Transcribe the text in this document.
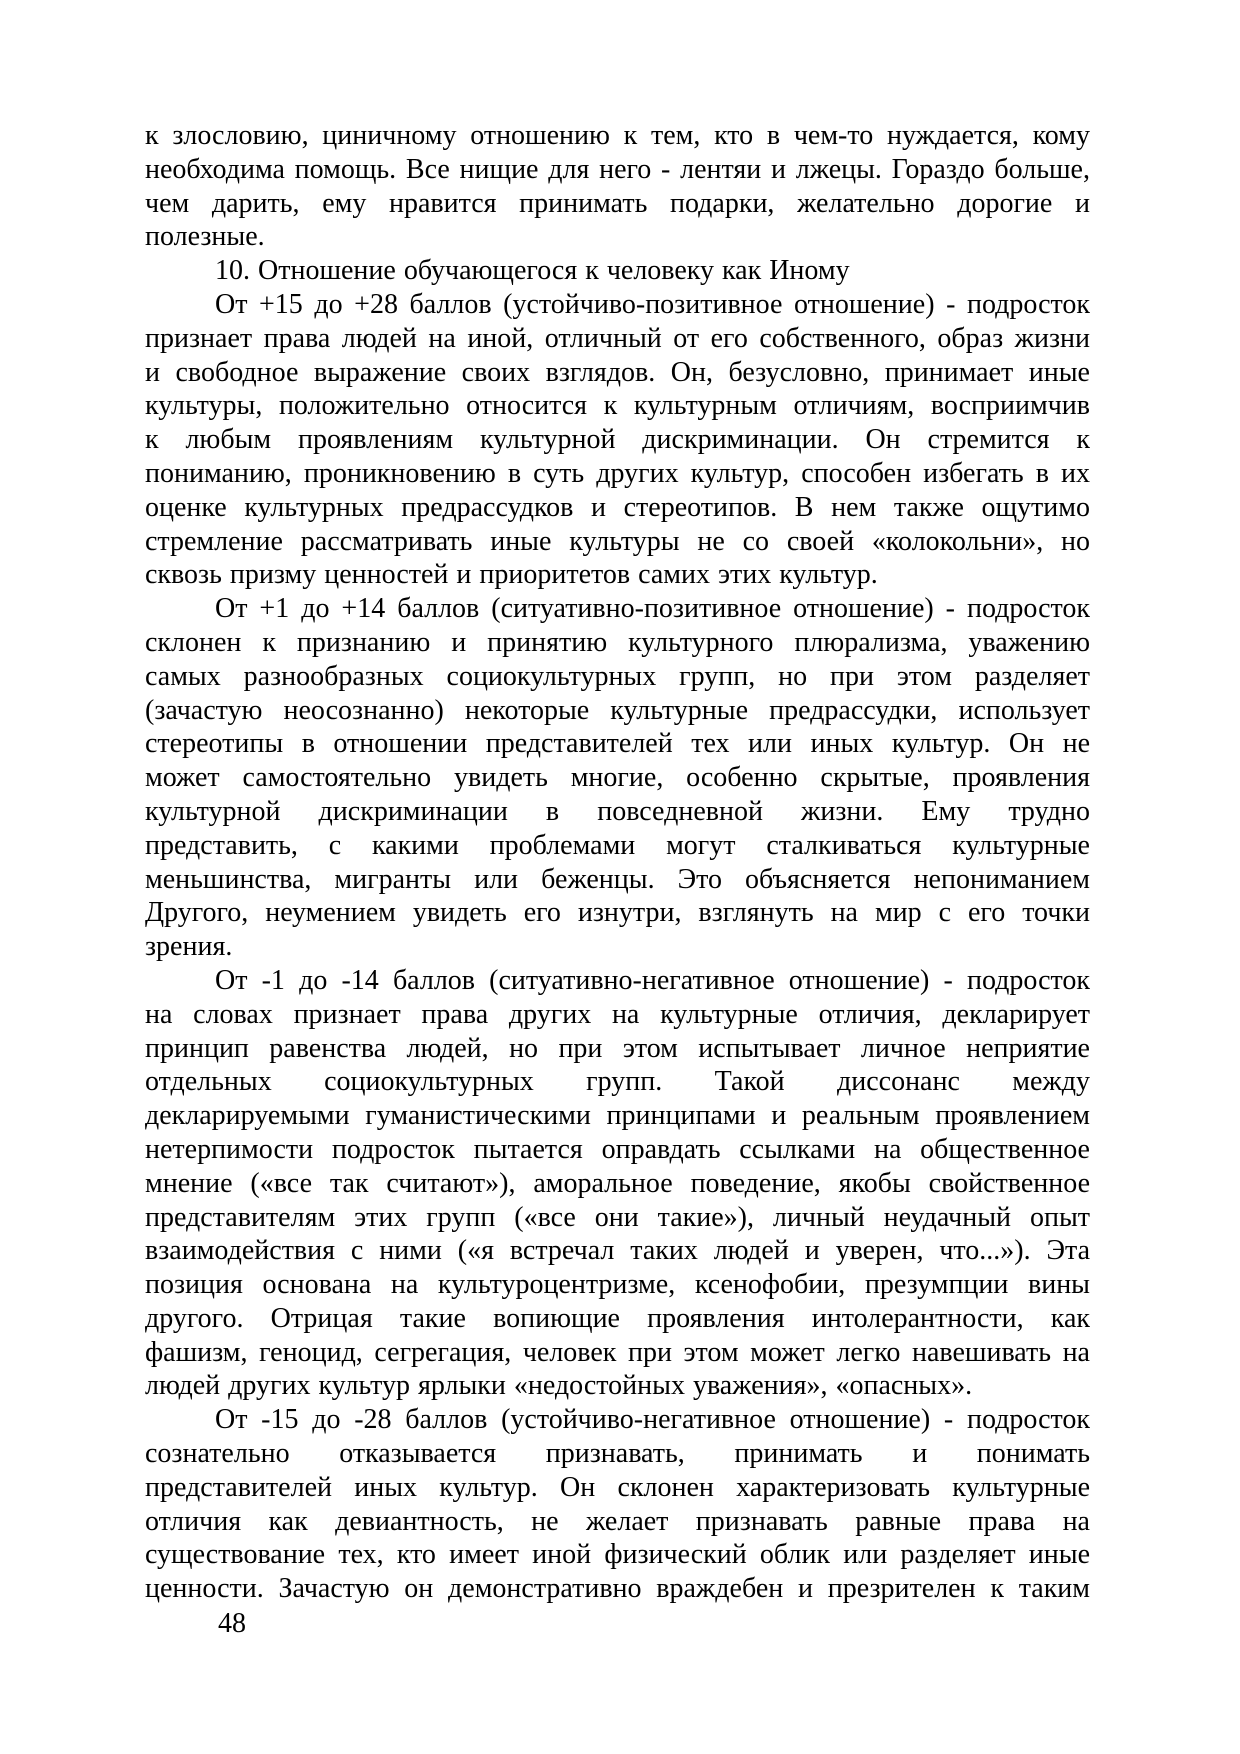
к злословию, циничному отношению к тем, кто в чем-то нуждается, кому
необходима помощь. Все нищие для него - лентяи и лжецы. Гораздо больше,
чем дарить, ему нравится принимать подарки, желательно дорогие и
полезные.
10. Отношение обучающегося к человеку как Иному
От +15 до +28 баллов (устойчиво-позитивное отношение) - подросток
признает права людей на иной, отличный от его собственного, образ жизни
и свободное выражение своих взглядов. Он, безусловно, принимает иные
культуры, положительно относится к культурным отличиям, восприимчив
к любым проявлениям культурной дискриминации. Он стремится к
пониманию, проникновению в суть других культур, способен избегать в их
оценке культурных предрассудков и стереотипов. В нем также ощутимо
стремление рассматривать иные культуры не со своей «колокольни», но
сквозь призму ценностей и приоритетов самих этих культур.
От +1 до +14 баллов (ситуативно-позитивное отношение) - подросток
склонен к признанию и принятию культурного плюрализма, уважению
самых разнообразных социокультурных групп, но при этом разделяет
(зачастую неосознанно) некоторые культурные предрассудки, использует
стереотипы в отношении представителей тех или иных культур. Он не
может самостоятельно увидеть многие, особенно скрытые, проявления
культурной дискриминации в повседневной жизни. Ему трудно
представить, с какими проблемами могут сталкиваться культурные
меньшинства, мигранты или беженцы. Это объясняется непониманием
Другого, неумением увидеть его изнутри, взглянуть на мир с его точки
зрения.
От -1 до -14 баллов (ситуативно-негативное отношение) - подросток
на словах признает права других на культурные отличия, декларирует
принцип равенства людей, но при этом испытывает личное неприятие
отдельных социокультурных групп. Такой диссонанс между
декларируемыми гуманистическими принципами и реальным проявлением
нетерпимости подросток пытается оправдать ссылками на общественное
мнение («все так считают»), аморальное поведение, якобы свойственное
представителям этих групп («все они такие»), личный неудачный опыт
взаимодействия с ними («я встречал таких людей и уверен, что...»). Эта
позиция основана на культуроцентризме, ксенофобии, презумпции вины
другого. Отрицая такие вопиющие проявления интолерантности, как
фашизм, геноцид, сегрегация, человек при этом может легко навешивать на
людей других культур ярлыки «недостойных уважения», «опасных».
От -15 до -28 баллов (устойчиво-негативное отношение) - подросток
сознательно отказывается признавать, принимать и понимать
представителей иных культур. Он склонен характеризовать культурные
отличия как девиантность, не желает признавать равные права на
существование тех, кто имеет иной физический облик или разделяет иные
ценности. Зачастую он демонстративно враждебен и презрителен к таким
48
